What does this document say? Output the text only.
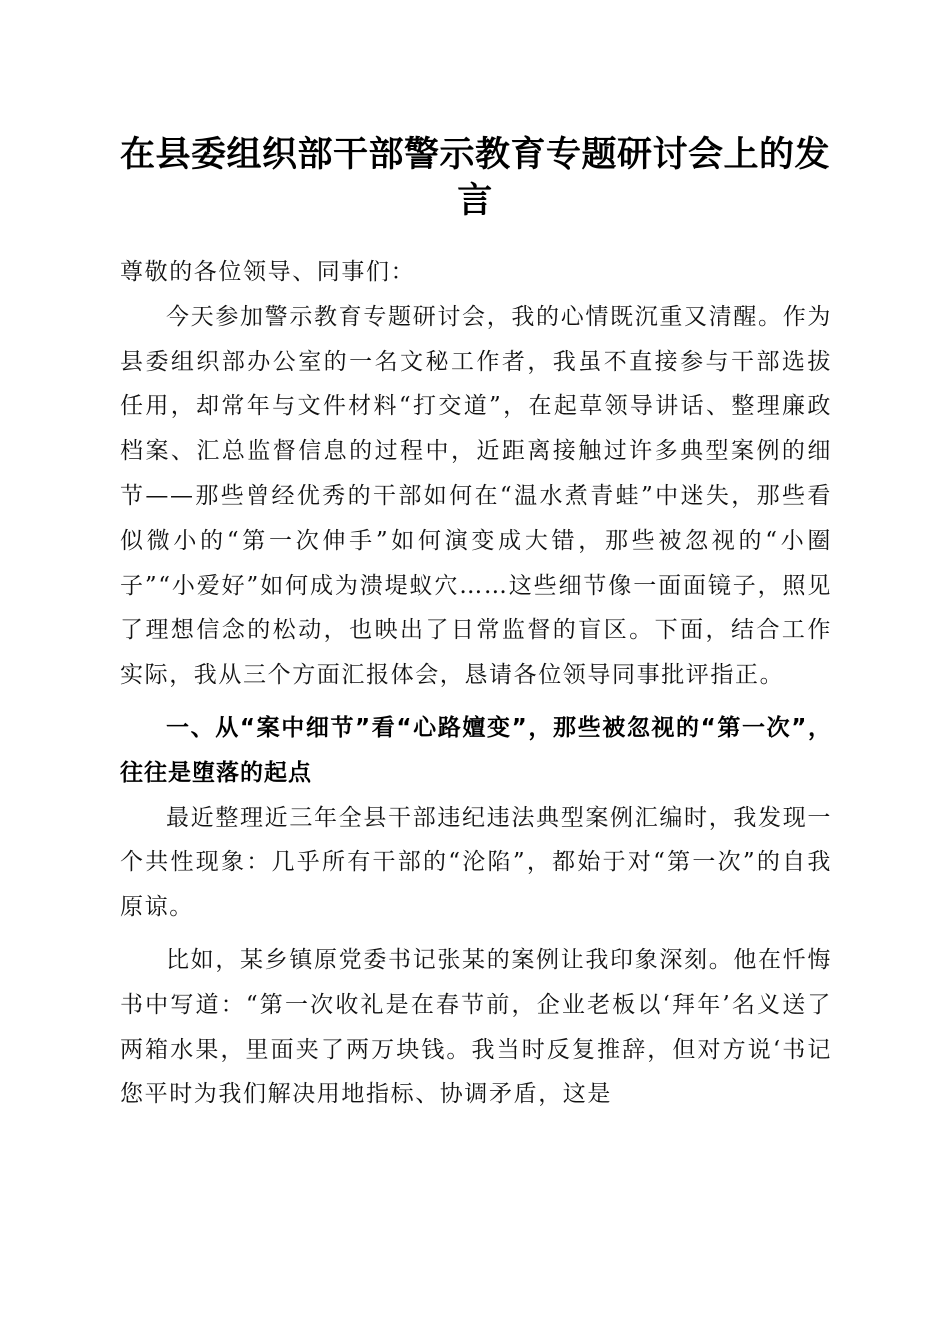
在县委组织部干部警示教育专题研讨会上的发言

尊敬的各位领导、同事们：

今天参加警示教育专题研讨会，我的心情既沉重又清醒。作为县委组织部办公室的一名文秘工作者，我虽不直接参与干部选拔任用，却常年与文件材料“打交道”，在起草领导讲话、整理廉政档案、汇总监督信息的过程中，近距离接触过许多典型案例的细节——那些曾经优秀的干部如何在“温水煮青蛙”中迷失，那些看似微小的“第一次伸手”如何演变成大错，那些被忽视的“小圈子”“小爱好”如何成为溃堤蚁穴……这些细节像一面面镜子，照见了理想信念的松动，也映出了日常监督的盲区。下面，结合工作实际，我从三个方面汇报体会，恳请各位领导同事批评指正。

一、从“案中细节”看“心路嬗变”，那些被忽视的“第一次”，往往是堕落的起点

最近整理近三年全县干部违纪违法典型案例汇编时，我发现一个共性现象：几乎所有干部的“沦陷”，都始于对“第一次”的自我原谅。

比如，某乡镇原党委书记张某的案例让我印象深刻。他在忏悔书中写道：“第一次收礼是在春节前，企业老板以‘拜年’名义送了两箱水果，里面夹了两万块钱。我当时反复推辞，但对方说‘书记您平时为我们解决用地指标、协调矛盾，这是
